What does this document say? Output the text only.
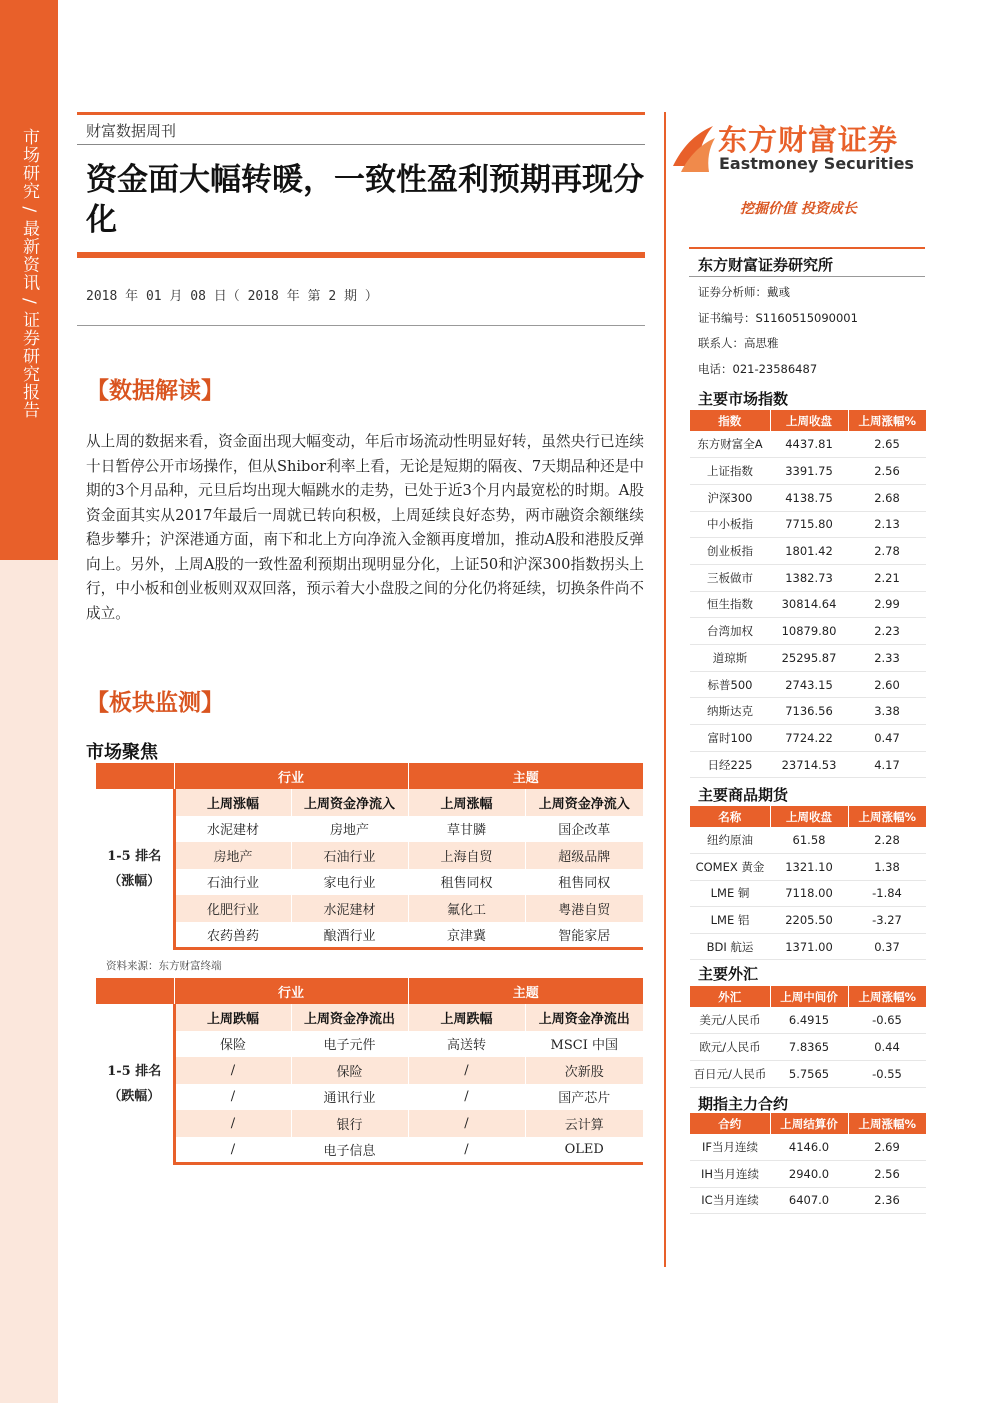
市场研究 / 最新资讯 / 证券研究报告	财富数据周刊
资金面大幅转暖，一致性盈利预期再现分化
2018 年 01 月 08 日（ 2018 年 第 2 期 ）
【数据解读】

从上周的数据来看，资金面出现大幅变动，年后市场流动性明显好转，虽然央行已连续十日暂停公开市场操作，但从Shibor利率上看，无论是短期的隔夜、7天期品种还是中期的3个月品种，元旦后均出现大幅跳水的走势，已处于近3个月内最宽松的时期。A股资金面其实从2017年最后一周就已转向积极，上周延续良好态势，两市融资余额继续稳步攀升；沪深港通方面，南下和北上方向净流入金额再度增加，推动A股和港股反弹向上。另外，上周A股的一致性盈利预期出现明显分化，上证50和沪深300指数拐头上行，中小板和创业板则双双回落，预示着大小盘股之间的分化仍将延续，切换条件尚不成立。

【板块监测】
市场聚焦
	行业		主题	

1-5 排名
（涨幅）	上周涨幅	上周资金净流入	上周涨幅	上周资金净流入
	水泥建材	房地产	草甘膦	国企改革
	房地产	石油行业	上海自贸	超级品牌
	石油行业	家电行业	租售同权	租售同权
	化肥行业	水泥建材	氟化工	粤港自贸
	农药兽药	酿酒行业	京津冀	智能家居
资料来源：东方财富终端
	行业		主题	

1-5 排名
（跌幅）	上周跌幅	上周资金净流出	上周跌幅	上周资金净流出
	保险	电子元件	高送转	MSCI 中国
	/	保险	/	次新股
	/	通讯行业	/	国产芯片
	/	银行	/	云计算
	/	电子信息	/	OLED
东方财富证券
Eastmoney Securities
挖掘价值 投资成长
东方财富证券研究所
证券分析师：戴彧
证书编号：S1160515090001
联系人：高思雅
电话：021-23586487
主要市场指数
指数	上周收盘	上周涨幅%
东方财富全A	4437.81	2.65
上证指数	3391.75	2.56
沪深300	4138.75	2.68
中小板指	7715.80	2.13
创业板指	1801.42	2.78
三板做市	1382.73	2.21
恒生指数	30814.64	2.99
台湾加权	10879.80	2.23
道琼斯	25295.87	2.33
标普500	2743.15	2.60
纳斯达克	7136.56	3.38
富时100	7724.22	0.47
日经225	23714.53	4.17
主要商品期货
名称	上周收盘	上周涨幅%
纽约原油	61.58	2.28
COMEX 黄金	1321.10	1.38
LME 铜	7118.00	-1.84
LME 铝	2205.50	-3.27
BDI 航运	1371.00	0.37
主要外汇
外汇	上周中间价	上周涨幅%
美元/人民币	6.4915	-0.65
欧元/人民币	7.8365	0.44
百日元/人民币	5.7565	-0.55
期指主力合约
合约	上周结算价	上周涨幅%
IF当月连续	4146.0	2.69
IH当月连续	2940.0	2.56
IC当月连续	6407.0	2.36
